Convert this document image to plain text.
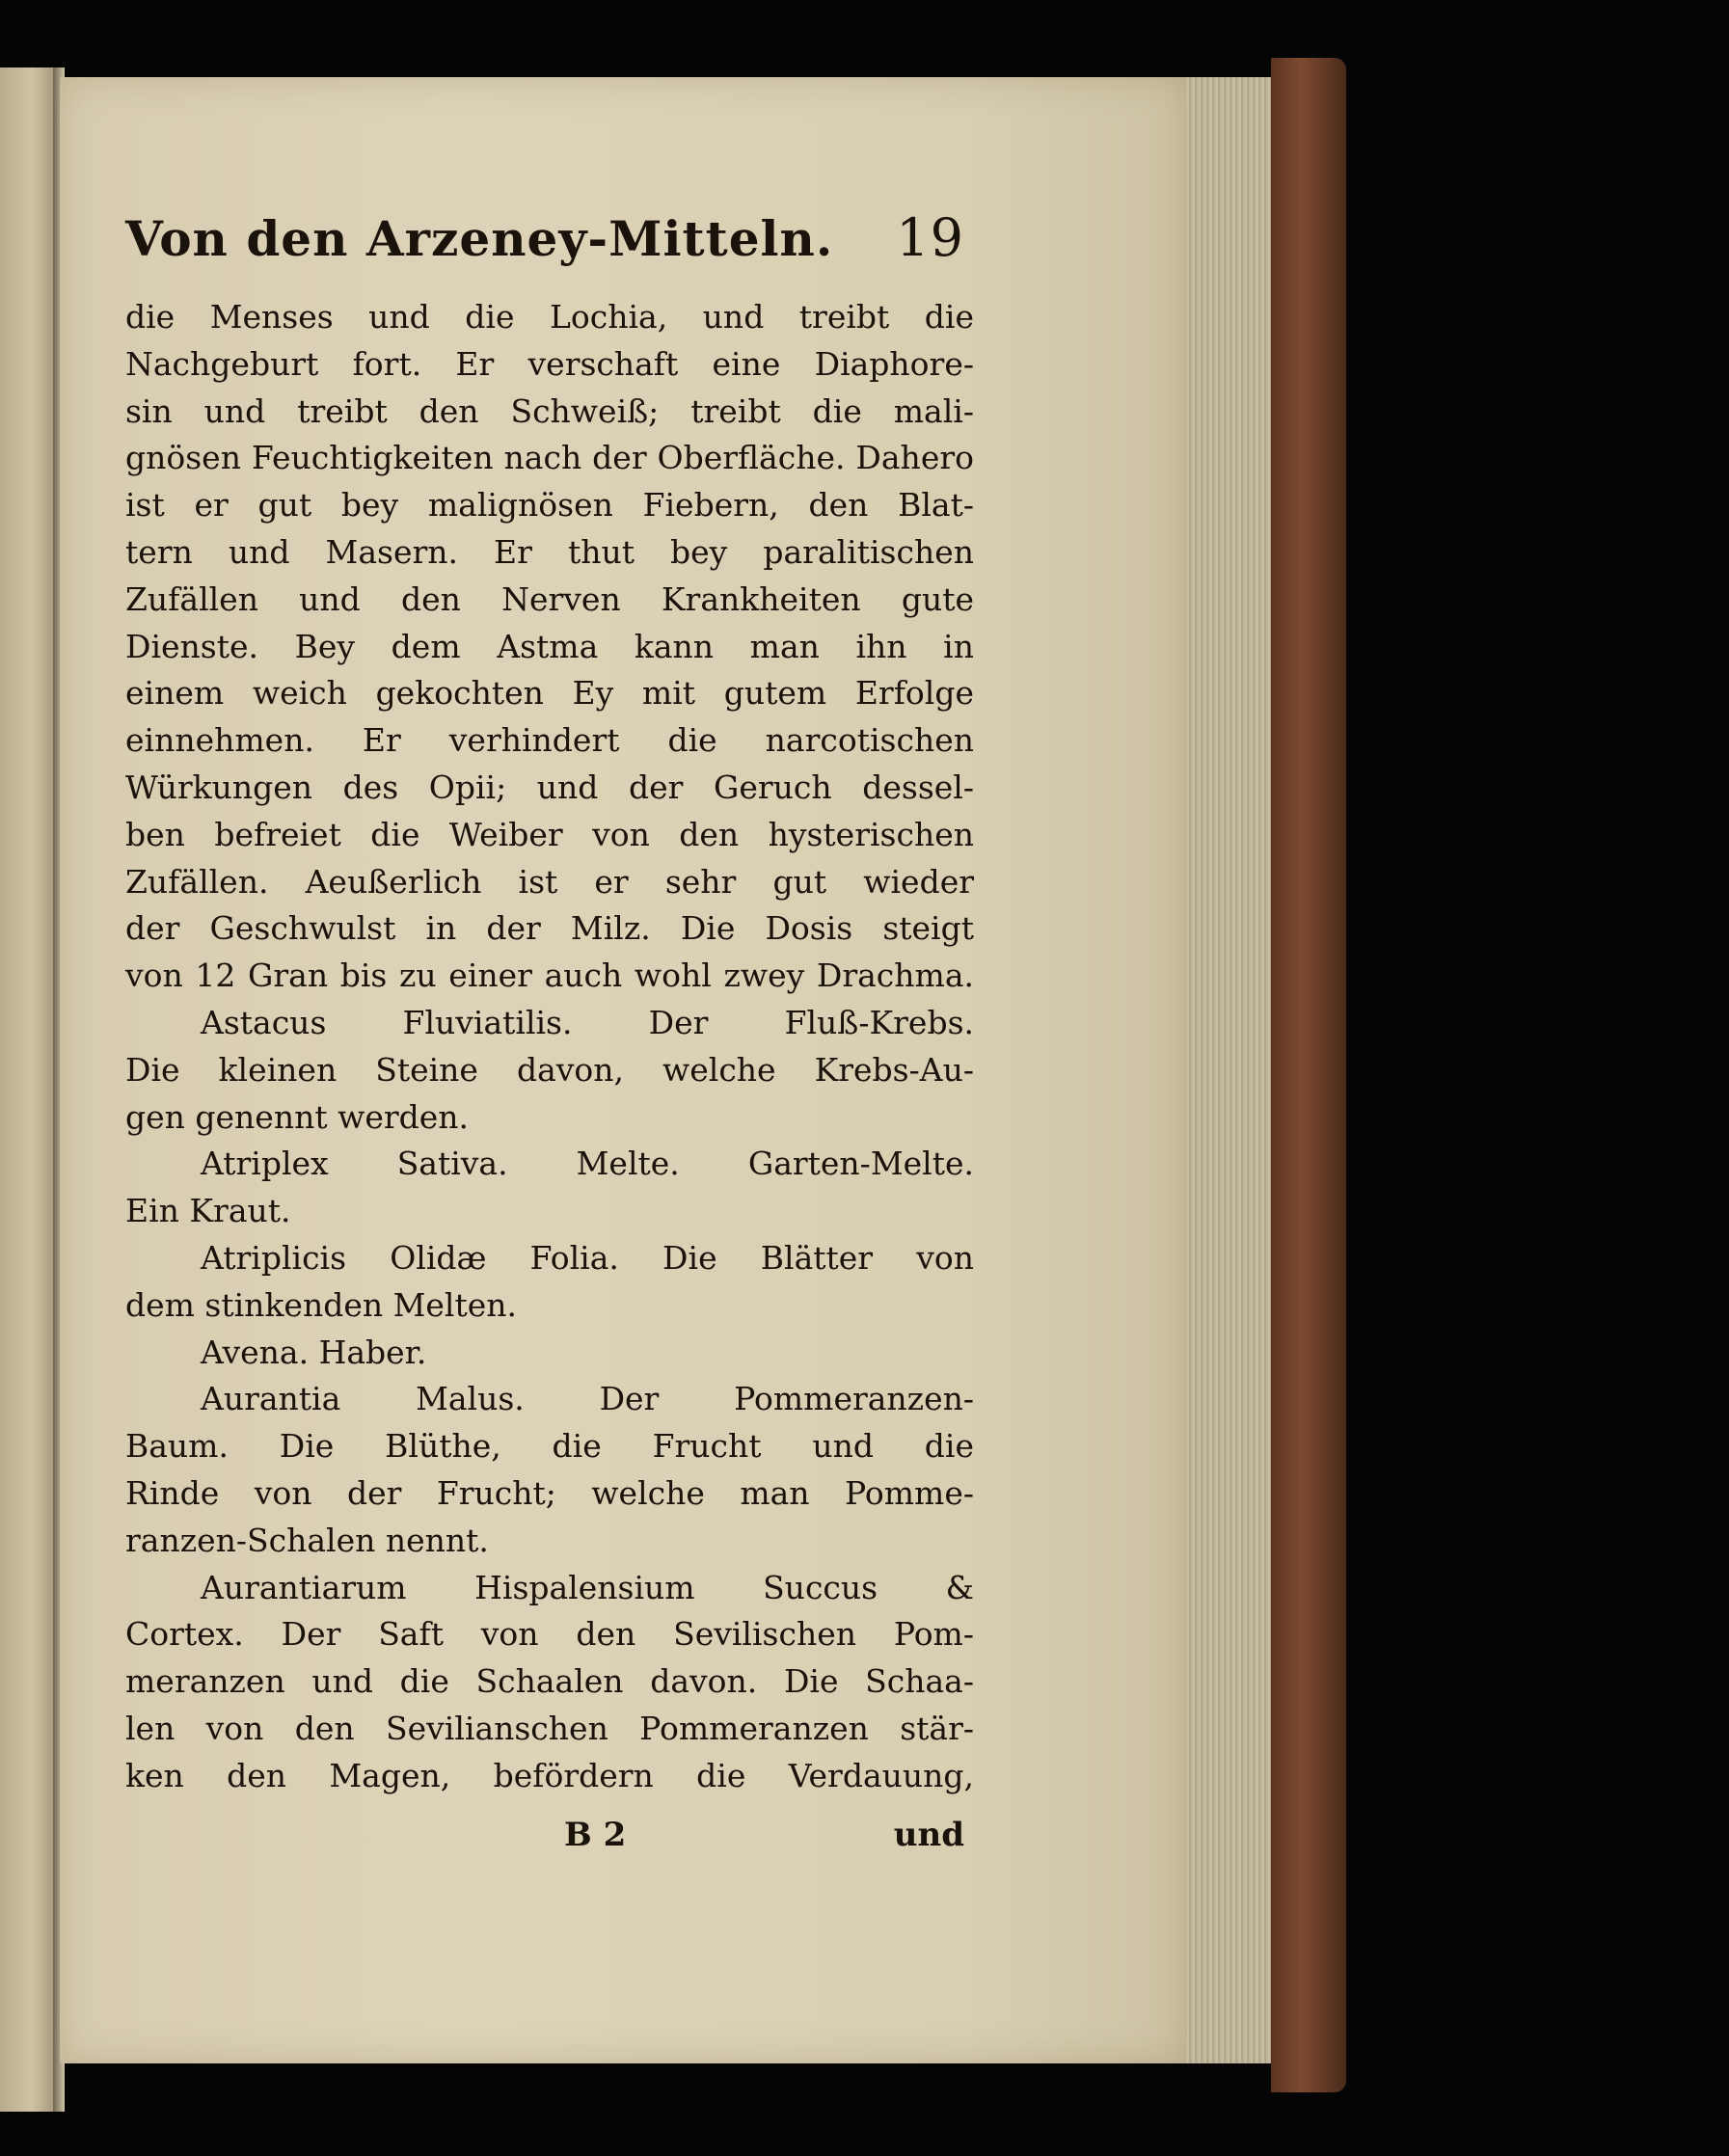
Von den Arzeney-Mitteln. 19
die Menses und die Lochia, und treibt die
Nachgeburt fort. Er verschaft eine Diaphore-
sin und treibt den Schweiß; treibt die mali-
gnösen Feuchtigkeiten nach der Oberfläche. Dahero
ist er gut bey malignösen Fiebern, den Blat-
tern und Masern. Er thut bey paralitischen
Zufällen und den Nerven Krankheiten gute
Dienste. Bey dem Astma kann man ihn in
einem weich gekochten Ey mit gutem Erfolge
einnehmen. Er verhindert die narcotischen
Würkungen des Opii; und der Geruch dessel-
ben befreiet die Weiber von den hysterischen
Zufällen. Aeußerlich ist er sehr gut wieder
der Geschwulst in der Milz. Die Dosis steigt
von 12 Gran bis zu einer auch wohl zwey Drachma.
Astacus Fluviatilis. Der Fluß-Krebs.
Die kleinen Steine davon, welche Krebs-Au-
gen genennt werden.
Atriplex Sativa. Melte. Garten-Melte.
Ein Kraut.
Atriplicis Olidæ Folia. Die Blätter von
dem stinkenden Melten.
Avena. Haber.
Aurantia Malus. Der Pommeranzen-
Baum. Die Blüthe, die Frucht und die
Rinde von der Frucht; welche man Pomme-
ranzen-Schalen nennt.
Aurantiarum Hispalensium Succus &
Cortex. Der Saft von den Sevilischen Pom-
meranzen und die Schaalen davon. Die Schaa-
len von den Sevilianschen Pommeranzen stär-
ken den Magen, befördern die Verdauung,
B 2	und
